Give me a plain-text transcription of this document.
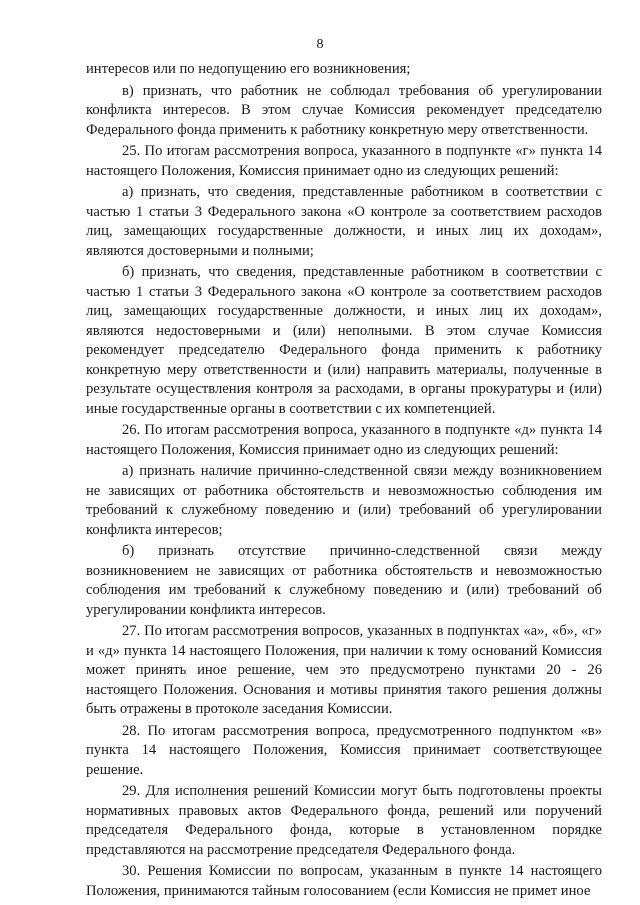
8

интересов или по недопущению его возникновения;

в) признать, что работник не соблюдал требования об урегулировании конфликта интересов. В этом случае Комиссия рекомендует председателю Федерального фонда применить к работнику конкретную меру ответственности.

25. По итогам рассмотрения вопроса, указанного в подпункте «г» пункта 14 настоящего Положения, Комиссия принимает одно из следующих решений:

а) признать, что сведения, представленные работником в соответствии с частью 1 статьи 3 Федерального закона «О контроле за соответствием расходов лиц, замещающих государственные должности, и иных лиц их доходам», являются достоверными и полными;

б) признать, что сведения, представленные работником в соответствии с частью 1 статьи 3 Федерального закона «О контроле за соответствием расходов лиц, замещающих государственные должности, и иных лиц их доходам», являются недостоверными и (или) неполными. В этом случае Комиссия рекомендует председателю Федерального фонда применить к работнику конкретную меру ответственности и (или) направить материалы, полученные в результате осуществления контроля за расходами, в органы прокуратуры и (или) иные государственные органы в соответствии с их компетенцией.

26. По итогам рассмотрения вопроса, указанного в подпункте «д» пункта 14 настоящего Положения, Комиссия принимает одно из следующих решений:

а) признать наличие причинно-следственной связи между возникновением не зависящих от работника обстоятельств и невозможностью соблюдения им требований к служебному поведению и (или) требований об урегулировании конфликта интересов;

б) признать отсутствие причинно-следственной связи между возникновением не зависящих от работника обстоятельств и невозможностью соблюдения им требований к служебному поведению и (или) требований об урегулировании конфликта интересов.

27. По итогам рассмотрения вопросов, указанных в подпунктах «а», «б», «г» и «д» пункта 14 настоящего Положения, при наличии к тому оснований Комиссия может принять иное решение, чем это предусмотрено пунктами 20 - 26 настоящего Положения. Основания и мотивы принятия такого решения должны быть отражены в протоколе заседания Комиссии.

28. По итогам рассмотрения вопроса, предусмотренного подпунктом «в» пункта 14 настоящего Положения, Комиссия принимает соответствующее решение.

29. Для исполнения решений Комиссии могут быть подготовлены проекты нормативных правовых актов Федерального фонда, решений или поручений председателя Федерального фонда, которые в установленном порядке представляются на рассмотрение председателя Федерального фонда.

30. Решения Комиссии по вопросам, указанным в пункте 14 настоящего Положения, принимаются тайным голосованием (если Комиссия не примет иное
